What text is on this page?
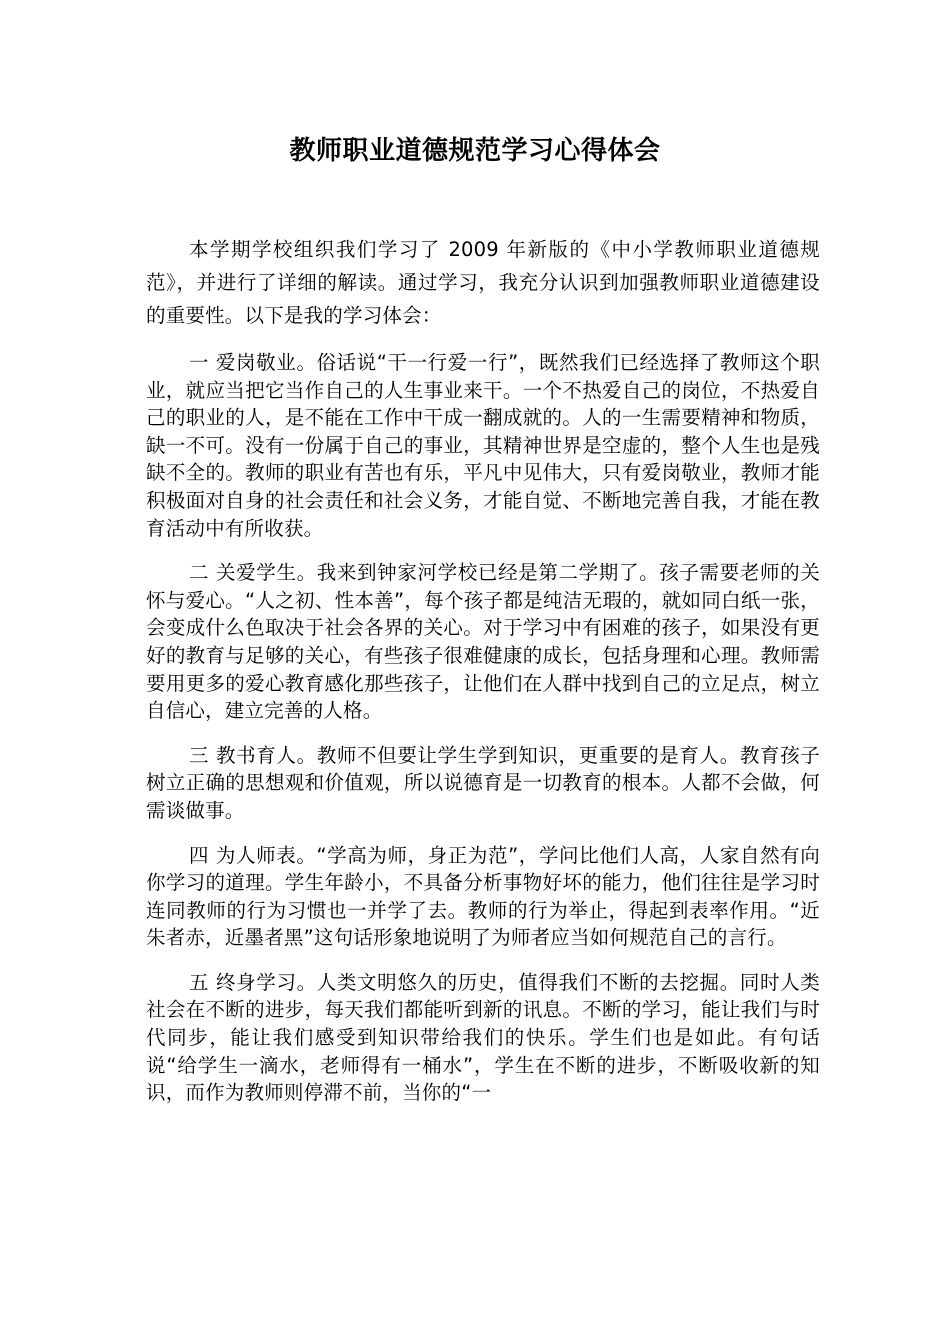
教师职业道德规范学习心得体会

本学期学校组织我们学习了 2009 年新版的《中小学教师职业道德规范》，并进行了详细的解读。通过学习，我充分认识到加强教师职业道德建设的重要性。以下是我的学习体会：

一 爱岗敬业。俗话说“干一行爱一行”，既然我们已经选择了教师这个职业，就应当把它当作自己的人生事业来干。一个不热爱自己的岗位，不热爱自己的职业的人，是不能在工作中干成一翻成就的。人的一生需要精神和物质，缺一不可。没有一份属于自己的事业，其精神世界是空虚的，整个人生也是残缺不全的。教师的职业有苦也有乐，平凡中见伟大，只有爱岗敬业，教师才能积极面对自身的社会责任和社会义务，才能自觉、不断地完善自我，才能在教育活动中有所收获。

二 关爱学生。我来到钟家河学校已经是第二学期了。孩子需要老师的关怀与爱心。“人之初、性本善”，每个孩子都是纯洁无瑕的，就如同白纸一张，会变成什么色取决于社会各界的关心。对于学习中有困难的孩子，如果没有更好的教育与足够的关心，有些孩子很难健康的成长，包括身理和心理。教师需要用更多的爱心教育感化那些孩子，让他们在人群中找到自己的立足点，树立自信心，建立完善的人格。

三 教书育人。教师不但要让学生学到知识，更重要的是育人。教育孩子树立正确的思想观和价值观，所以说德育是一切教育的根本。人都不会做，何需谈做事。

四 为人师表。“学高为师，身正为范”，学问比他们人高，人家自然有向你学习的道理。学生年龄小，不具备分析事物好坏的能力，他们往往是学习时连同教师的行为习惯也一并学了去。教师的行为举止，得起到表率作用。“近朱者赤，近墨者黑”这句话形象地说明了为师者应当如何规范自己的言行。

五 终身学习。人类文明悠久的历史，值得我们不断的去挖掘。同时人类社会在不断的进步，每天我们都能听到新的讯息。不断的学习，能让我们与时代同步，能让我们感受到知识带给我们的快乐。学生们也是如此。有句话说“给学生一滴水，老师得有一桶水”，学生在不断的进步，不断吸收新的知识，而作为教师则停滞不前，当你的“一
